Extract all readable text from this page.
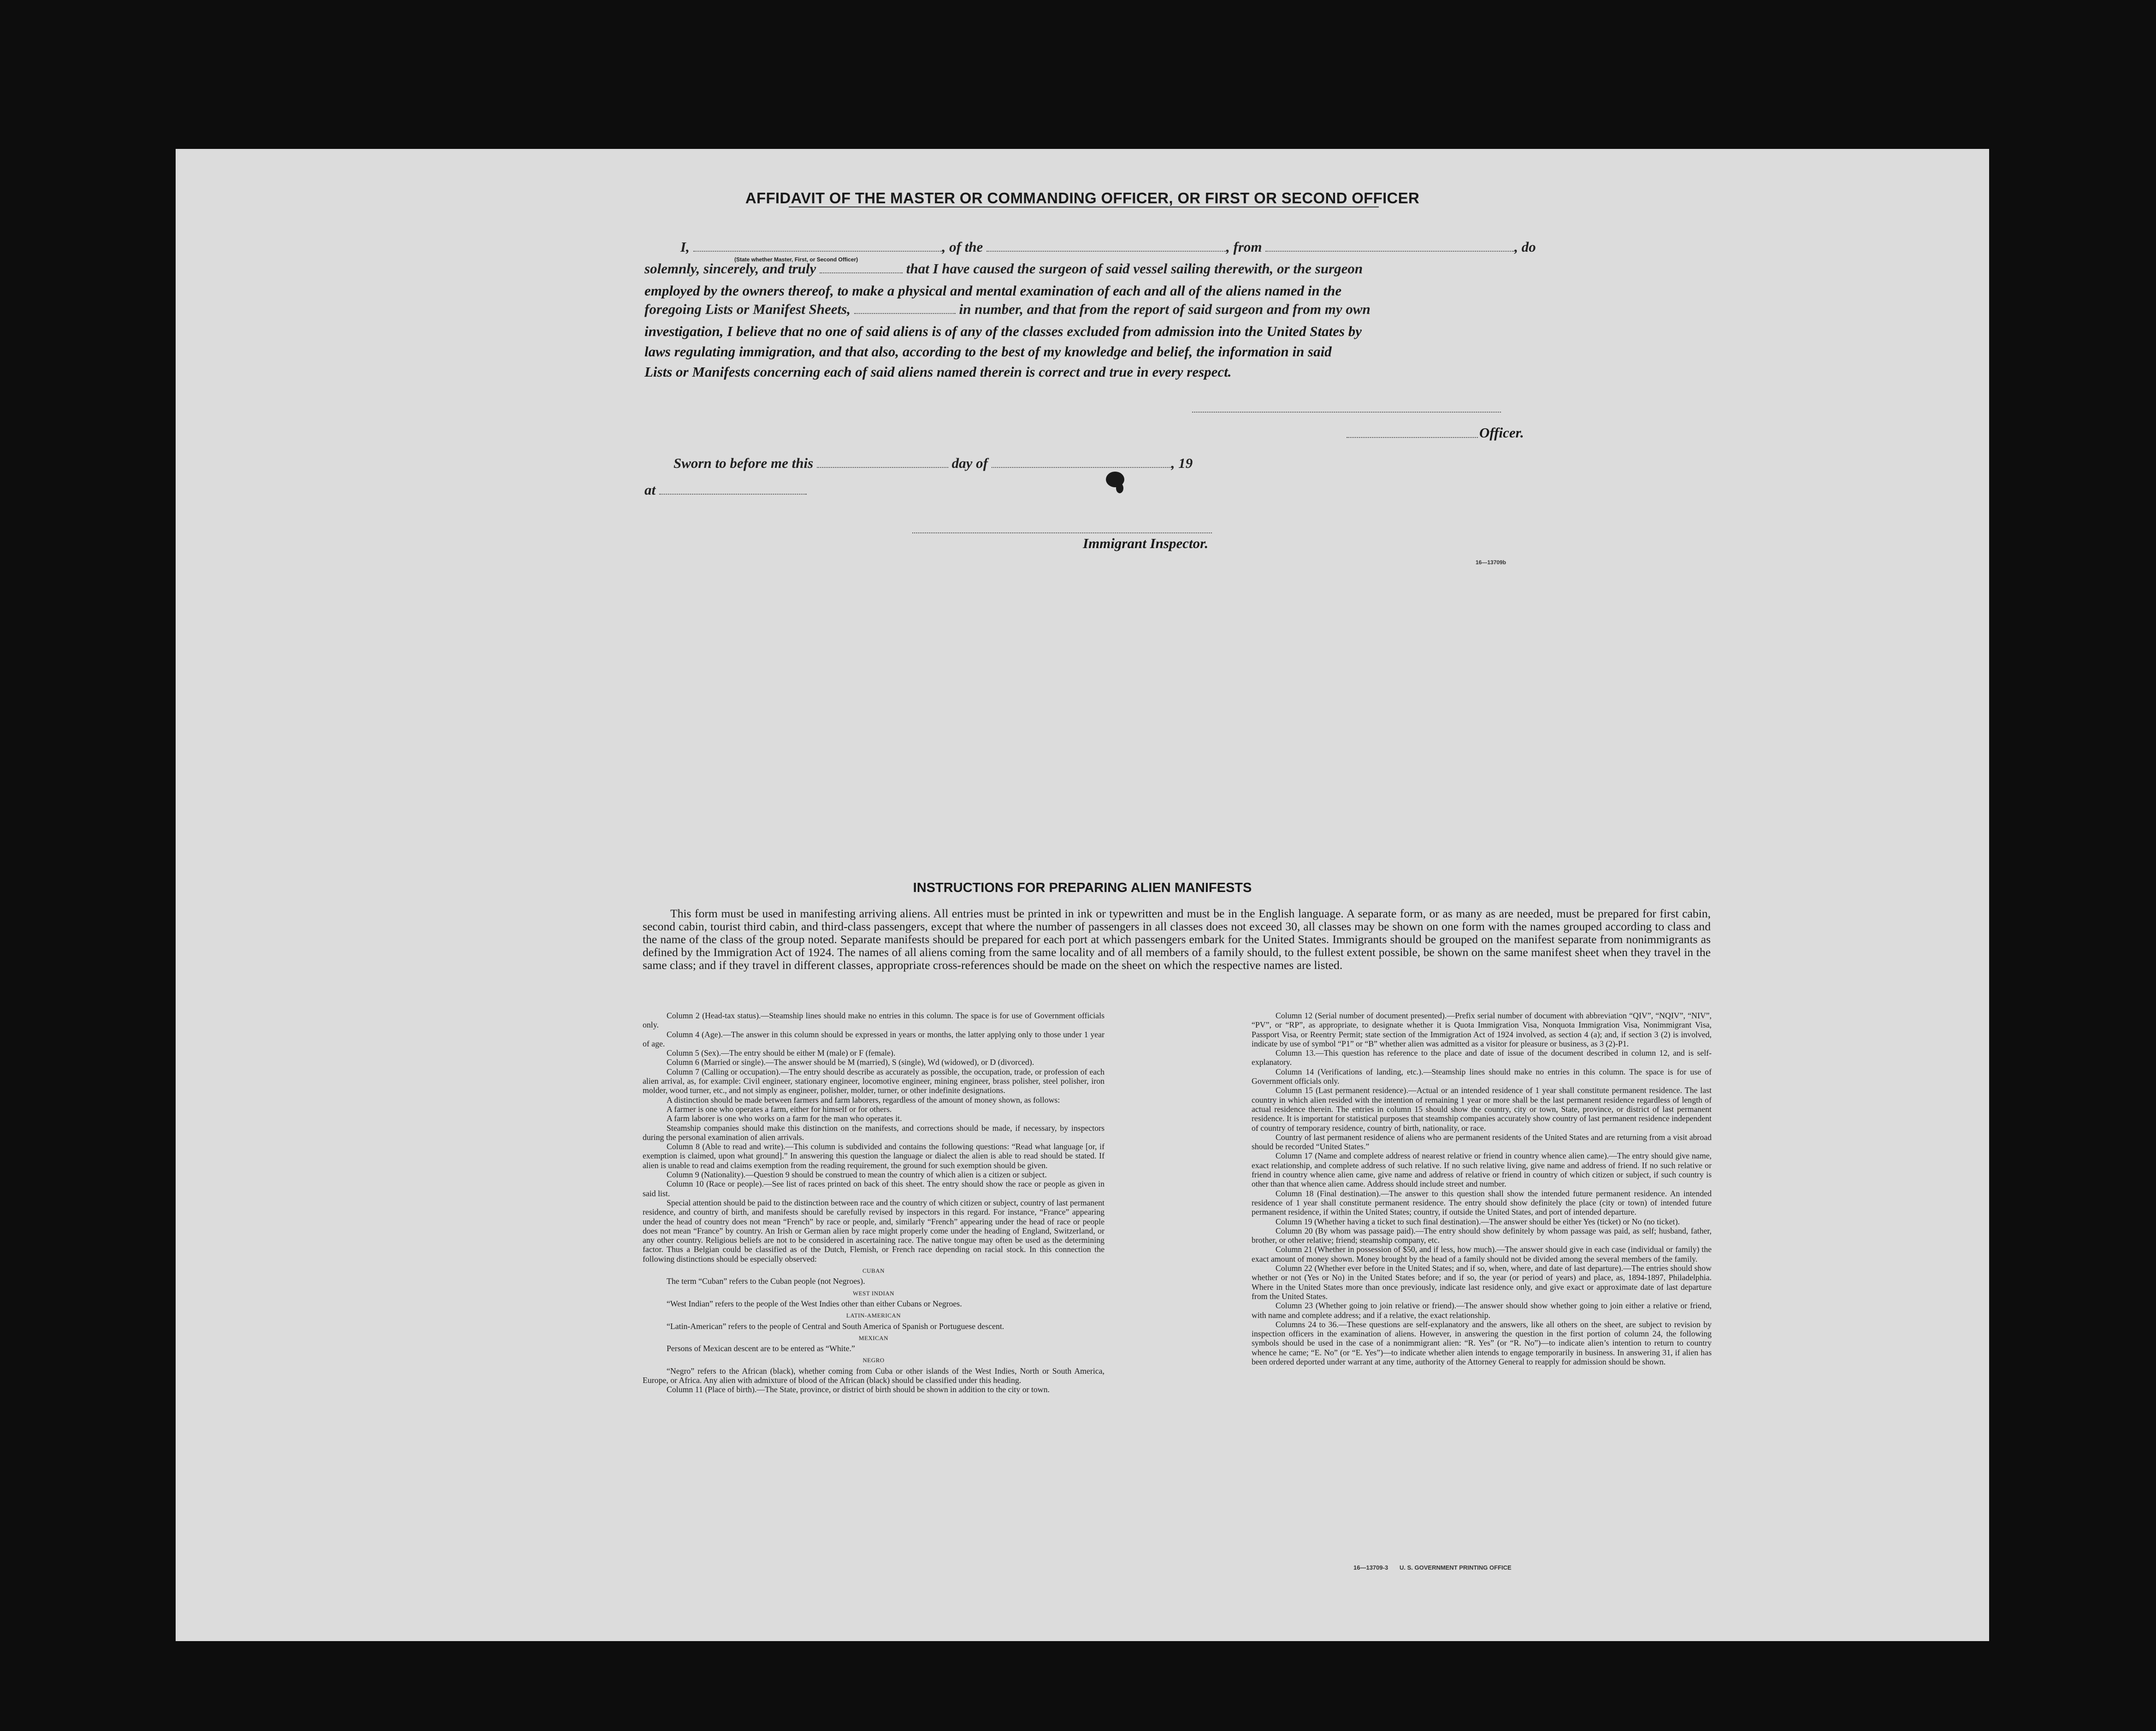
AFFIDAVIT OF THE MASTER OR COMMANDING OFFICER, OR FIRST OR SECOND OFFICER
I,	, of the	, from	, do
(State whether Master, First, or Second Officer)
solemnly, sincerely, and truly	that I have caused the surgeon of said vessel sailing therewith, or the surgeon
employed by the owners thereof, to make a physical and mental examination of each and all of the aliens named in the
foregoing Lists or Manifest Sheets,	in number, and that from the report of said surgeon and from my own
investigation, I believe that no one of said aliens is of any of the classes excluded from admission into the United States by
laws regulating immigration, and that also, according to the best of my knowledge and belief, the information in said
Lists or Manifests concerning each of said aliens named therein is correct and true in every respect.
Officer.
Sworn to before me this	day of	, 19
at
Immigrant Inspector.
16—13709b
INSTRUCTIONS FOR PREPARING ALIEN MANIFESTS
This form must be used in manifesting arriving aliens. All entries must be printed in ink or typewritten and must be in the English language. A separate form, or as many as are needed, must be prepared for first cabin, second cabin, tourist third cabin, and third-class passengers, except that where the number of passengers in all classes does not exceed 30, all classes may be shown on one form with the names grouped according to class and the name of the class of the group noted. Separate manifests should be prepared for each port at which passengers embark for the United States. Immigrants should be grouped on the manifest separate from nonimmigrants as defined by the Immigration Act of 1924. The names of all aliens coming from the same locality and of all members of a family should, to the fullest extent possible, be shown on the same manifest sheet when they travel in the same class; and if they travel in different classes, appropriate cross-references should be made on the sheet on which the respective names are listed.

Column 2 (Head-tax status).—Steamship lines should make no entries in this column. The space is for use of Government officials only.

Column 4 (Age).—The answer in this column should be expressed in years or months, the latter applying only to those under 1 year of age.

Column 5 (Sex).—The entry should be either M (male) or F (female).

Column 6 (Married or single).—The answer should be M (married), S (single), Wd (widowed), or D (divorced).

Column 7 (Calling or occupation).—The entry should describe as accurately as possible, the occupation, trade, or profession of each alien arrival, as, for example: Civil engineer, stationary engineer, locomotive engineer, mining engineer, brass polisher, steel polisher, iron molder, wood turner, etc., and not simply as engineer, polisher, molder, turner, or other indefinite designations.

A distinction should be made between farmers and farm laborers, regardless of the amount of money shown, as follows:

A farmer is one who operates a farm, either for himself or for others.

A farm laborer is one who works on a farm for the man who operates it.

Steamship companies should make this distinction on the manifests, and corrections should be made, if necessary, by inspectors during the personal examination of alien arrivals.

Column 8 (Able to read and write).—This column is subdivided and contains the following questions: “Read what language [or, if exemption is claimed, upon what ground].” In answering this question the language or dialect the alien is able to read should be stated. If alien is unable to read and claims exemption from the reading requirement, the ground for such exemption should be given.

Column 9 (Nationality).—Question 9 should be construed to mean the country of which alien is a citizen or subject.

Column 10 (Race or people).—See list of races printed on back of this sheet. The entry should show the race or people as given in said list.

Special attention should be paid to the distinction between race and the country of which citizen or subject, country of last permanent residence, and country of birth, and manifests should be carefully revised by inspectors in this regard. For instance, “France” appearing under the head of country does not mean “French” by race or people, and, similarly “French” appearing under the head of race or people does not mean “France” by country. An Irish or German alien by race might properly come under the heading of England, Switzerland, or any other country. Religious beliefs are not to be considered in ascertaining race. The native tongue may often be used as the determining factor. Thus a Belgian could be classified as of the Dutch, Flemish, or French race depending on racial stock. In this connection the following distinctions should be especially observed:

CUBAN

The term “Cuban” refers to the Cuban people (not Negroes).

WEST INDIAN

“West Indian” refers to the people of the West Indies other than either Cubans or Negroes.

LATIN-AMERICAN

“Latin-American” refers to the people of Central and South America of Spanish or Portuguese descent.

MEXICAN

Persons of Mexican descent are to be entered as “White.”

NEGRO

“Negro” refers to the African (black), whether coming from Cuba or other islands of the West Indies, North or South America, Europe, or Africa. Any alien with admixture of blood of the African (black) should be classified under this heading.

Column 11 (Place of birth).—The State, province, or district of birth should be shown in addition to the city or town.

Column 12 (Serial number of document presented).—Prefix serial number of document with abbreviation “QIV”, “NQIV”, “NIV”, “PV”, or “RP”, as appropriate, to designate whether it is Quota Immigration Visa, Nonquota Immigration Visa, Nonimmigrant Visa, Passport Visa, or Reentry Permit; state section of the Immigration Act of 1924 involved, as section 4 (a); and, if section 3 (2) is involved, indicate by use of symbol “P1” or “B” whether alien was admitted as a visitor for pleasure or business, as 3 (2)-P1.

Column 13.—This question has reference to the place and date of issue of the document described in column 12, and is self-explanatory.

Column 14 (Verifications of landing, etc.).—Steamship lines should make no entries in this column. The space is for use of Government officials only.

Column 15 (Last permanent residence).—Actual or an intended residence of 1 year shall constitute permanent residence. The last country in which alien resided with the intention of remaining 1 year or more shall be the last permanent residence regardless of length of actual residence therein. The entries in column 15 should show the country, city or town, State, province, or district of last permanent residence. It is important for statistical purposes that steamship companies accurately show country of last permanent residence independent of country of temporary residence, country of birth, nationality, or race.

Country of last permanent residence of aliens who are permanent residents of the United States and are returning from a visit abroad should be recorded “United States.”

Column 17 (Name and complete address of nearest relative or friend in country whence alien came).—The entry should give name, exact relationship, and complete address of such relative. If no such relative living, give name and address of friend. If no such relative or friend in country whence alien came, give name and address of relative or friend in country of which citizen or subject, if such country is other than that whence alien came. Address should include street and number.

Column 18 (Final destination).—The answer to this question shall show the intended future permanent residence. An intended residence of 1 year shall constitute permanent residence. The entry should show definitely the place (city or town) of intended future permanent residence, if within the United States; country, if outside the United States, and port of intended departure.

Column 19 (Whether having a ticket to such final destination).—The answer should be either Yes (ticket) or No (no ticket).

Column 20 (By whom was passage paid).—The entry should show definitely by whom passage was paid, as self; husband, father, brother, or other relative; friend; steamship company, etc.

Column 21 (Whether in possession of $50, and if less, how much).—The answer should give in each case (individual or family) the exact amount of money shown. Money brought by the head of a family should not be divided among the several members of the family.

Column 22 (Whether ever before in the United States; and if so, when, where, and date of last departure).—The entries should show whether or not (Yes or No) in the United States before; and if so, the year (or period of years) and place, as, 1894-1897, Philadelphia. Where in the United States more than once previously, indicate last residence only, and give exact or approximate date of last departure from the United States.

Column 23 (Whether going to join relative or friend).—The answer should show whether going to join either a relative or friend, with name and complete address; and if a relative, the exact relationship.

Columns 24 to 36.—These questions are self-explanatory and the answers, like all others on the sheet, are subject to revision by inspection officers in the examination of aliens. However, in answering the question in the first portion of column 24, the following symbols should be used in the case of a nonimmigrant alien: “R. Yes” (or “R. No”)—to indicate alien’s intention to return to country whence he came; “E. No” (or “E. Yes”)—to indicate whether alien intends to engage temporarily in business. In answering 31, if alien has been ordered deported under warrant at any time, authority of the Attorney General to reapply for admission should be shown.

16—13709-3 U. S. GOVERNMENT PRINTING OFFICE
